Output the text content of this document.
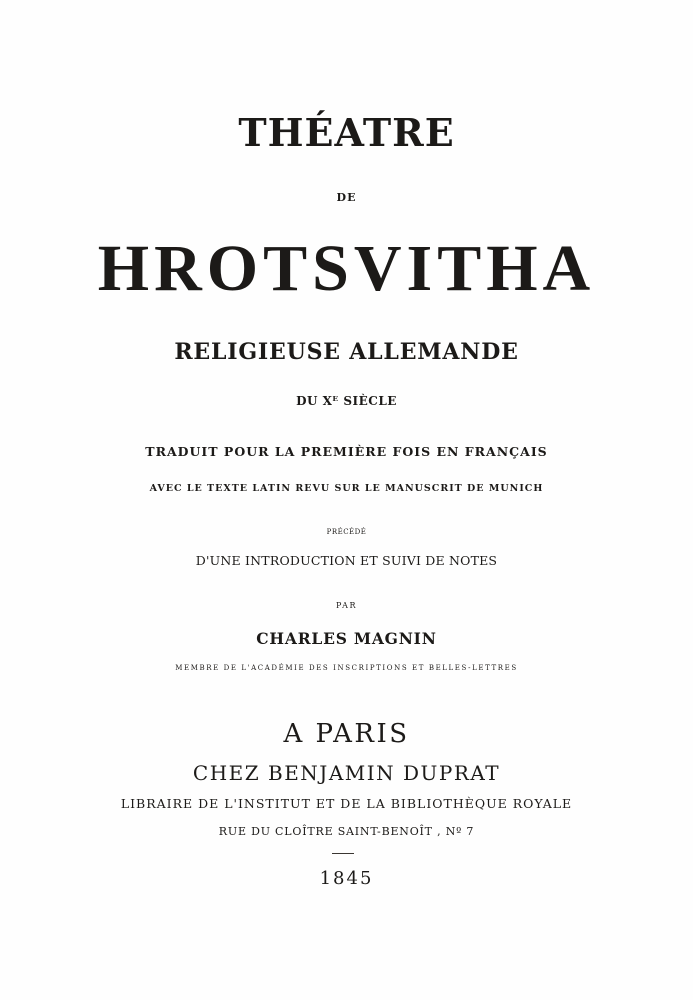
THÉATRE
DE
HROTSVITHA
RELIGIEUSE ALLEMANDE
DU Xᴱ SIÈCLE
TRADUIT POUR LA PREMIÈRE FOIS EN FRANÇAIS
AVEC LE TEXTE LATIN REVU SUR LE MANUSCRIT DE MUNICH
PRÉCÉDÉ
D'UNE INTRODUCTION ET SUIVI DE NOTES
PAR
CHARLES MAGNIN
MEMBRE DE L'ACADÉMIE DES INSCRIPTIONS ET BELLES-LETTRES
A PARIS
CHEZ BENJAMIN DUPRAT
LIBRAIRE DE L'INSTITUT ET DE LA BIBLIOTHÈQUE ROYALE
RUE DU CLOÎTRE SAINT-BENOÎT , Nº 7
1845
